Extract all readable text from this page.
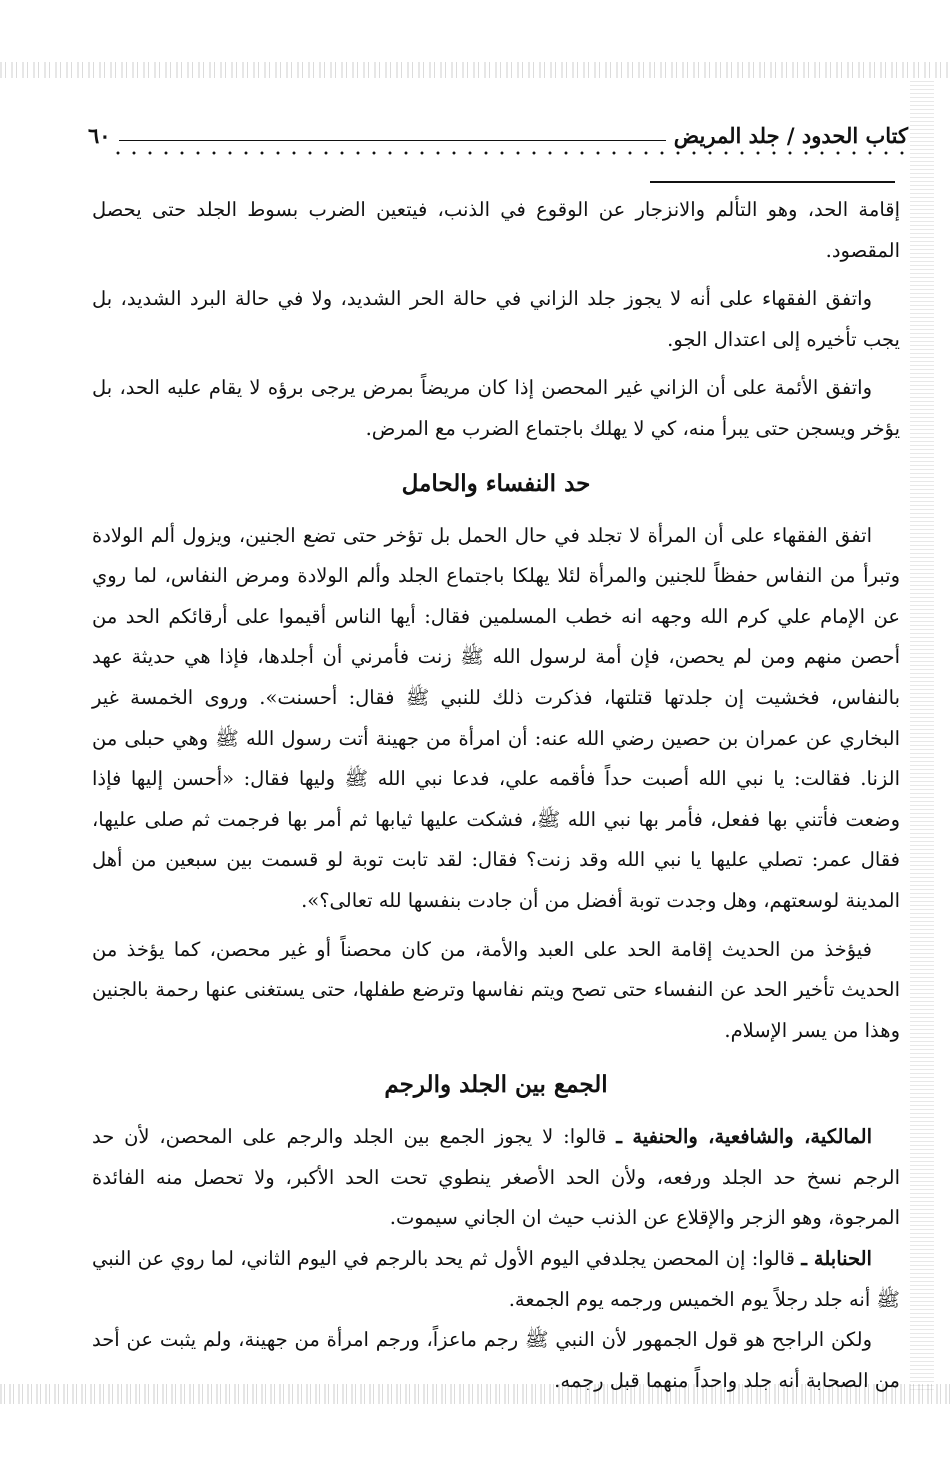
كتاب الحدود / جلد المريض
٦٠

إقامة الحد، وهو التألم والانزجار عن الوقوع في الذنب، فيتعين الضرب بسوط الجلد حتى يحصل المقصود.

واتفق الفقهاء على أنه لا يجوز جلد الزاني في حالة الحر الشديد، ولا في حالة البرد الشديد، بل يجب تأخيره إلى اعتدال الجو.

واتفق الأئمة على أن الزاني غير المحصن إذا كان مريضاً بمرض يرجى برؤه لا يقام عليه الحد، بل يؤخر ويسجن حتى يبرأ منه، كي لا يهلك باجتماع الضرب مع المرض.

حد النفساء والحامل

اتفق الفقهاء على أن المرأة لا تجلد في حال الحمل بل تؤخر حتى تضع الجنين، ويزول ألم الولادة وتبرأ من النفاس حفظاً للجنين والمرأة لئلا يهلكا باجتماع الجلد وألم الولادة ومرض النفاس، لما روي عن الإمام علي كرم الله وجهه انه خطب المسلمين فقال: أيها الناس أقيموا على أرقائكم الحد من أحصن منهم ومن لم يحصن، فإن أمة لرسول الله ﷺ زنت فأمرني أن أجلدها، فإذا هي حديثة عهد بالنفاس، فخشيت إن جلدتها قتلتها، فذكرت ذلك للنبي ﷺ فقال: أحسنت». وروى الخمسة غير البخاري عن عمران بن حصين رضي الله عنه: أن امرأة من جهينة أتت رسول الله ﷺ وهي حبلى من الزنا. فقالت: يا نبي الله أصبت حداً فأقمه علي، فدعا نبي الله ﷺ وليها فقال: «أحسن إليها فإذا وضعت فأتني بها ففعل، فأمر بها نبي الله ﷺ، فشكت عليها ثيابها ثم أمر بها فرجمت ثم صلى عليها، فقال عمر: تصلي عليها يا نبي الله وقد زنت؟ فقال: لقد تابت توبة لو قسمت بين سبعين من أهل المدينة لوسعتهم، وهل وجدت توبة أفضل من أن جادت بنفسها لله تعالى؟».

فيؤخذ من الحديث إقامة الحد على العبد والأمة، من كان محصناً أو غير محصن، كما يؤخذ من الحديث تأخير الحد عن النفساء حتى تصح ويتم نفاسها وترضع طفلها، حتى يستغنى عنها رحمة بالجنين وهذا من يسر الإسلام.

الجمع بين الجلد والرجم

المالكية، والشافعية، والحنفية ـ قالوا: لا يجوز الجمع بين الجلد والرجم على المحصن، لأن حد الرجم نسخ حد الجلد ورفعه، ولأن الحد الأصغر ينطوي تحت الحد الأكبر، ولا تحصل منه الفائدة المرجوة، وهو الزجر والإقلاع عن الذنب حيث ان الجاني سيموت.

الحنابلة ـ قالوا: إن المحصن يجلدفي اليوم الأول ثم يحد بالرجم في اليوم الثاني، لما روي عن النبي ﷺ أنه جلد رجلاً يوم الخميس ورجمه يوم الجمعة.

ولكن الراجح هو قول الجمهور لأن النبي ﷺ رجم ماعزاً، ورجم امرأة من جهينة، ولم يثبت عن أحد من الصحابة أنه جلد واحداً منهما قبل رجمه.
